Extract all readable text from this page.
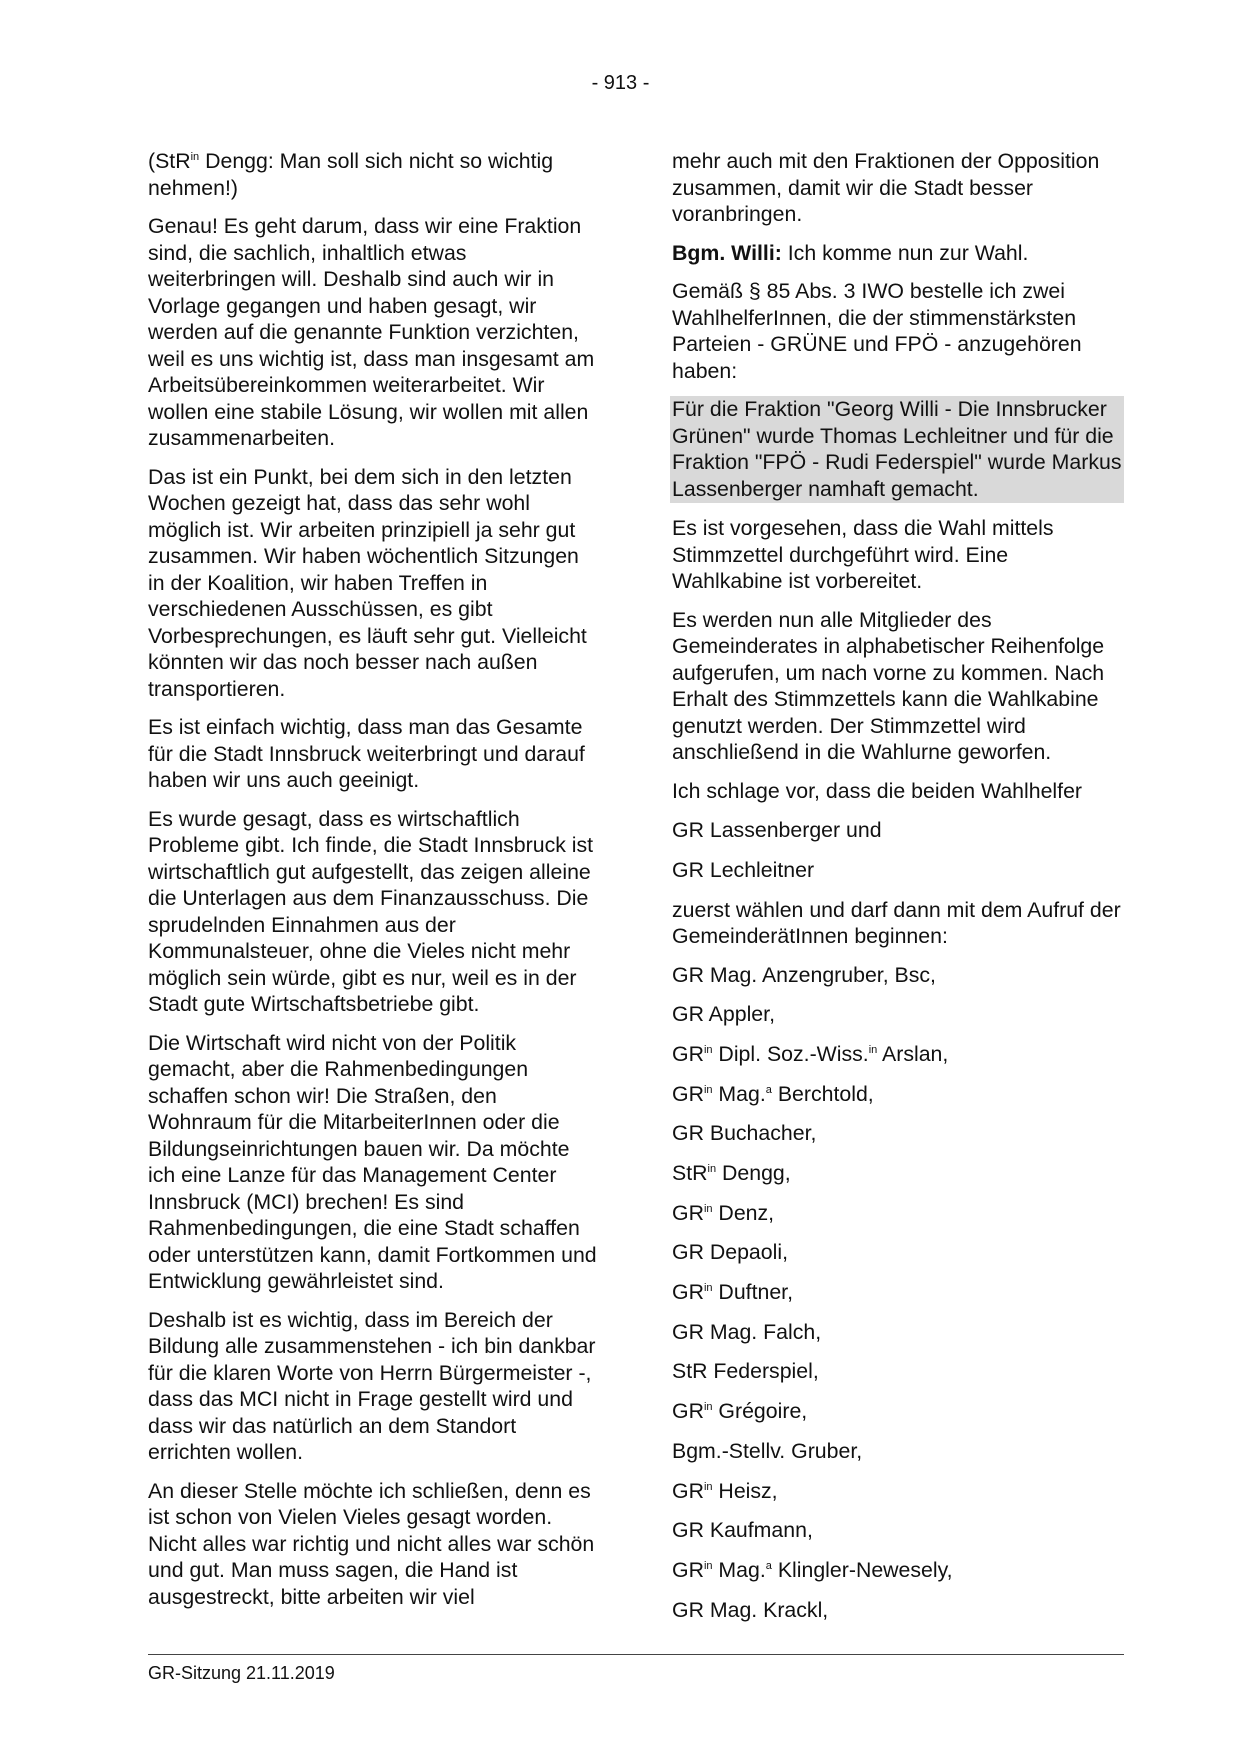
- 913 -

(StR$^{in}$ Dengg: Man soll sich nicht so wichtig nehmen!)

Genau! Es geht darum, dass wir eine Fraktion sind, die sachlich, inhaltlich etwas weiterbringen will. Deshalb sind auch wir in Vorlage gegangen und haben gesagt, wir werden auf die genannte Funktion verzichten, weil es uns wichtig ist, dass man insgesamt am Arbeitsübereinkommen weiterarbeitet. Wir wollen eine stabile Lösung, wir wollen mit allen zusammenarbeiten.

Das ist ein Punkt, bei dem sich in den letzten Wochen gezeigt hat, dass das sehr wohl möglich ist. Wir arbeiten prinzipiell ja sehr gut zusammen. Wir haben wöchentlich Sitzungen in der Koalition, wir haben Treffen in verschiedenen Ausschüssen, es gibt Vorbesprechungen, es läuft sehr gut. Vielleicht könnten wir das noch besser nach außen transportieren.

Es ist einfach wichtig, dass man das Gesamte für die Stadt Innsbruck weiterbringt und darauf haben wir uns auch geeinigt.

Es wurde gesagt, dass es wirtschaftlich Probleme gibt. Ich finde, die Stadt Innsbruck ist wirtschaftlich gut aufgestellt, das zeigen alleine die Unterlagen aus dem Finanzausschuss. Die sprudelnden Einnahmen aus der Kommunalsteuer, ohne die Vieles nicht mehr möglich sein würde, gibt es nur, weil es in der Stadt gute Wirtschaftsbetriebe gibt.

Die Wirtschaft wird nicht von der Politik gemacht, aber die Rahmenbedingungen schaffen schon wir! Die Straßen, den Wohnraum für die MitarbeiterInnen oder die Bildungseinrichtungen bauen wir. Da möchte ich eine Lanze für das Management Center Innsbruck (MCI) brechen! Es sind Rahmenbedingungen, die eine Stadt schaffen oder unterstützen kann, damit Fortkommen und Entwicklung gewährleistet sind.

Deshalb ist es wichtig, dass im Bereich der Bildung alle zusammenstehen - ich bin dankbar für die klaren Worte von Herrn Bürgermeister -, dass das MCI nicht in Frage gestellt wird und dass wir das natürlich an dem Standort errichten wollen.

An dieser Stelle möchte ich schließen, denn es ist schon von Vielen Vieles gesagt worden. Nicht alles war richtig und nicht alles war schön und gut. Man muss sagen, die Hand ist ausgestreckt, bitte arbeiten wir viel

mehr auch mit den Fraktionen der Opposition zusammen, damit wir die Stadt besser voranbringen.

Bgm. Willi: Ich komme nun zur Wahl.

Gemäß § 85 Abs. 3 IWO bestelle ich zwei WahlhelferInnen, die der stimmenstärksten Parteien - GRÜNE und FPÖ - anzugehören haben:

Für die Fraktion "Georg Willi - Die Innsbrucker Grünen" wurde Thomas Lechleitner und für die Fraktion "FPÖ - Rudi Federspiel" wurde Markus Lassenberger namhaft gemacht.

Es ist vorgesehen, dass die Wahl mittels Stimmzettel durchgeführt wird. Eine Wahlkabine ist vorbereitet.

Es werden nun alle Mitglieder des Gemeinderates in alphabetischer Reihenfolge aufgerufen, um nach vorne zu kommen. Nach Erhalt des Stimmzettels kann die Wahlkabine genutzt werden. Der Stimmzettel wird anschließend in die Wahlurne geworfen.

Ich schlage vor, dass die beiden Wahlhelfer

GR Lassenberger und

GR Lechleitner

zuerst wählen und darf dann mit dem Aufruf der GemeinderätInnen beginnen:

GR Mag. Anzengruber, Bsc,

GR Appler,

$GR^{in}$ Dipl. Soz.-Wiss.$^{in}$ Arslan,

$GR^{in}$ Mag.$^a$ Berchtold,

GR Buchacher,

StR$^{in}$ Dengg,

$GR^{in}$ Denz,

GR Depaoli,

$GR^{in}$ Duftner,

GR Mag. Falch,

StR Federspiel,

$GR^{in}$ Grégoire,

Bgm.-Stellv. Gruber,

$GR^{in}$ Heisz,

GR Kaufmann,

$GR^{in}$ Mag.$^a$ Klingler-Newesely,

GR Mag. Krackl,

GR-Sitzung 21.11.2019
